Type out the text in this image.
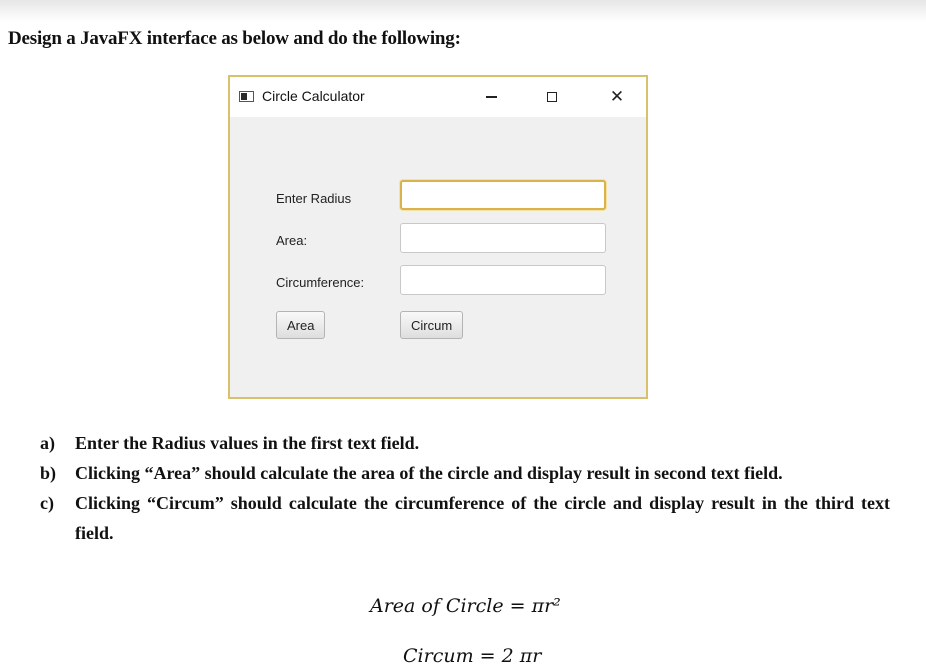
Design a JavaFX interface as below and do the following:
Circle Calculator	✕
Enter Radius
Area:
Circumference:
Area	Circum
a) Enter the Radius values in the first text field.
b) Clicking “Area” should calculate the area of the circle and display result in second text field.
c) Clicking “Circum” should calculate the circumference of the circle and display result in the third text field.
Area of Circle = πr²
Circum = 2 πr
